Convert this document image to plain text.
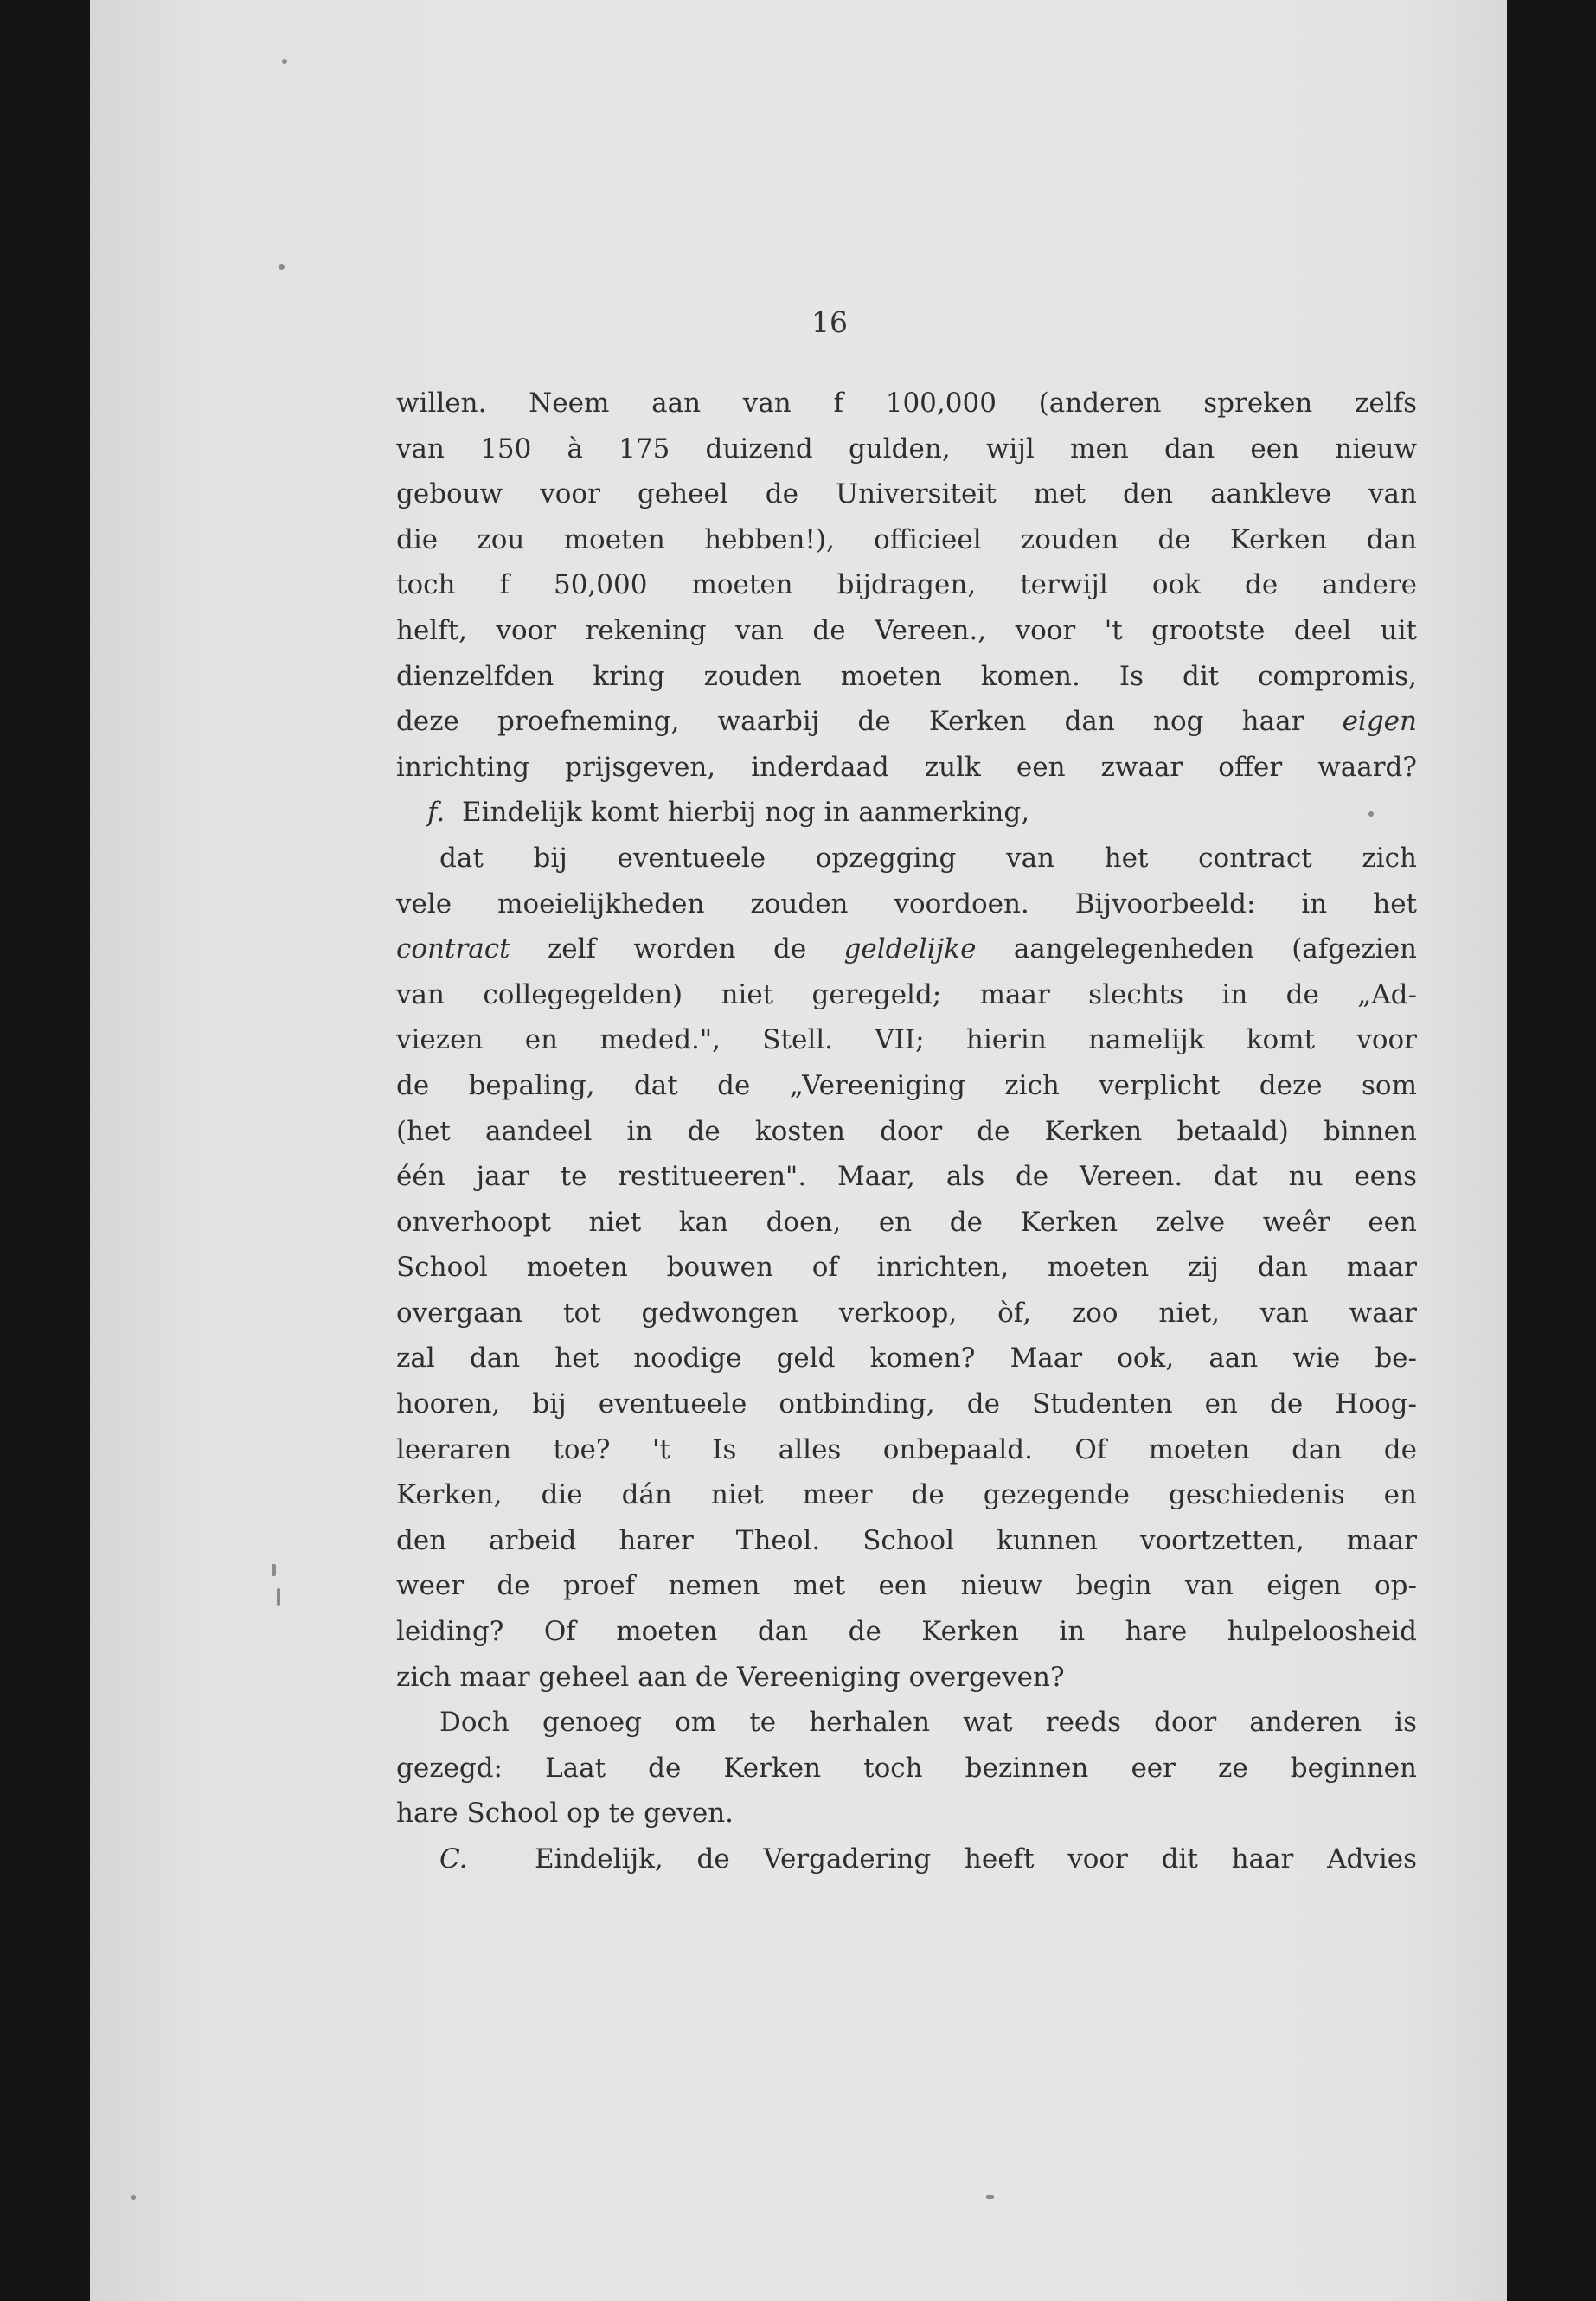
16
willen. Neem aan van f 100,000 (anderen spreken zelfs
van 150 à 175 duizend gulden, wijl men dan een nieuw
gebouw voor geheel de Universiteit met den aankleve van
die zou moeten hebben!), officieel zouden de Kerken dan
toch f 50,000 moeten bijdragen, terwijl ook de andere
helft, voor rekening van de Vereen., voor 't grootste deel uit
dienzelfden kring zouden moeten komen. Is dit compromis,
deze proefneming, waarbij de Kerken dan nog haar eigen
inrichting prijsgeven, inderdaad zulk een zwaar offer waard?
f. Eindelijk komt hierbij nog in aanmerking,
dat bij eventueele opzegging van het contract zich
vele moeielijkheden zouden voordoen. Bijvoorbeeld: in het
contract zelf worden de geldelijke aangelegenheden (afgezien
van collegegelden) niet geregeld; maar slechts in de „Ad-
viezen en meded.", Stell. VII; hierin namelijk komt voor
de bepaling, dat de „Vereeniging zich verplicht deze som
(het aandeel in de kosten door de Kerken betaald) binnen
één jaar te restitueeren". Maar, als de Vereen. dat nu eens
onverhoopt niet kan doen, en de Kerken zelve weêr een
School moeten bouwen of inrichten, moeten zij dan maar
overgaan tot gedwongen verkoop, òf, zoo niet, van waar
zal dan het noodige geld komen? Maar ook, aan wie be-
hooren, bij eventueele ontbinding, de Studenten en de Hoog-
leeraren toe? 't Is alles onbepaald. Of moeten dan de
Kerken, die dán niet meer de gezegende geschiedenis en
den arbeid harer Theol. School kunnen voortzetten, maar
weer de proef nemen met een nieuw begin van eigen op-
leiding? Of moeten dan de Kerken in hare hulpeloosheid
zich maar geheel aan de Vereeniging overgeven?
Doch genoeg om te herhalen wat reeds door anderen is
gezegd: Laat de Kerken toch bezinnen eer ze beginnen
hare School op te geven.
C. Eindelijk, de Vergadering heeft voor dit haar Advies
